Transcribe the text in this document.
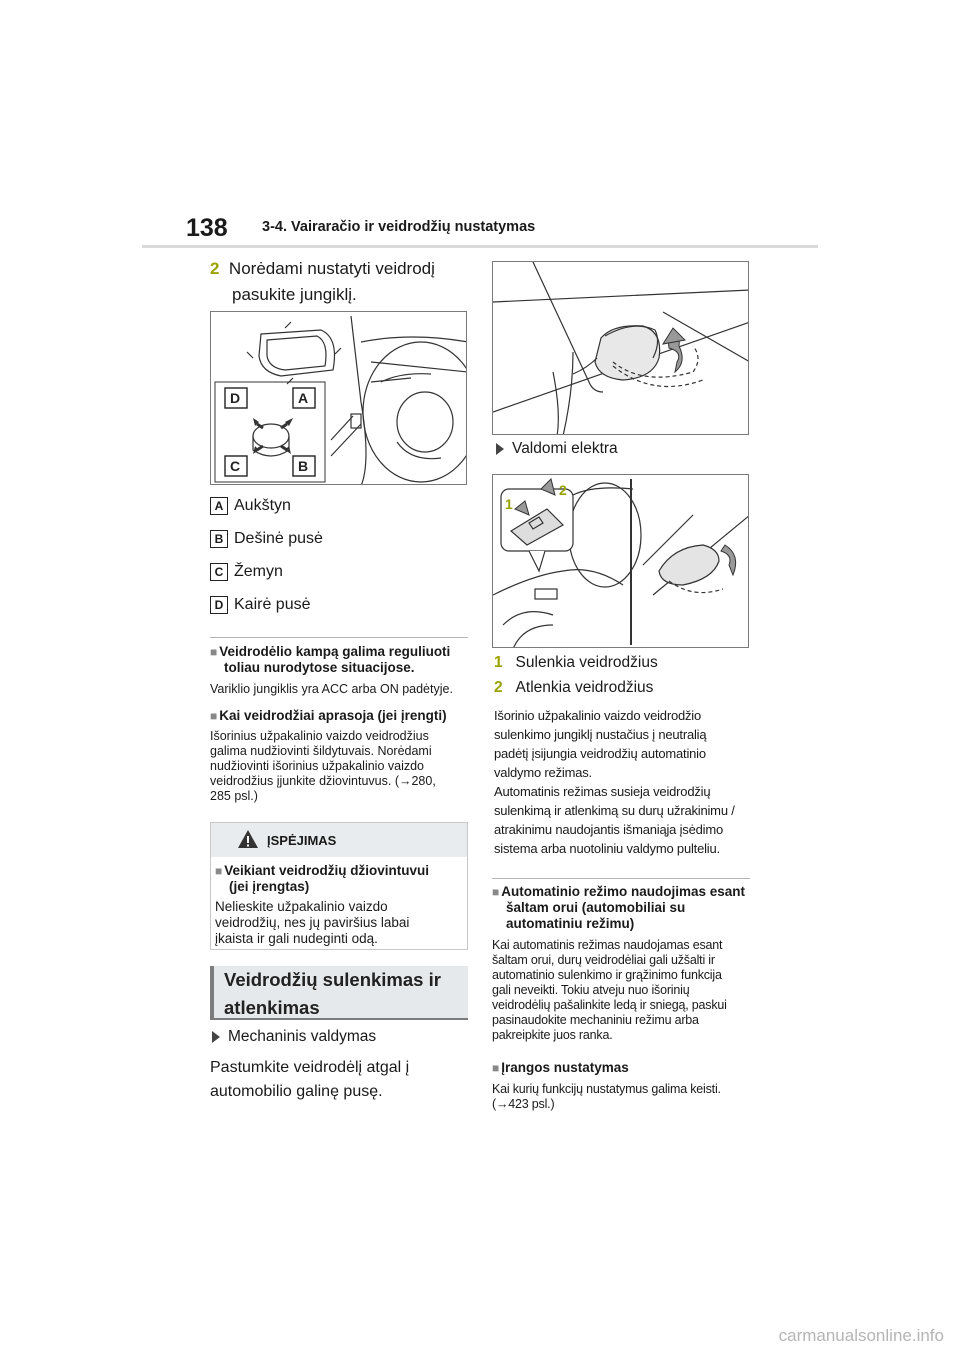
138 3-4. Vairaračio ir veidrodžių nustatymas
2 Norėdami nustatyti veidrodį
pasukite jungiklį.
D	A
C	B
A Aukštyn
B Dešinė pusė
C Žemyn
D Kairė pusė
■ Veidrodėlio kampą galima reguliuoti
toliau nurodytose situacijose.
Variklio jungiklis yra ACC arba ON padėtyje.
■ Kai veidrodžiai aprasoja (jei įrengti)
Išorinius užpakalinio vaizdo veidrodžius
galima nudžiovinti šildytuvais. Norėdami
nudžiovinti išorinius užpakalinio vaizdo
veidrodžius įjunkite džiovintuvus. (→280,
285 psl.)
ĮSPĖJIMAS
■ Veikiant veidrodžių džiovintuvui
(jei įrengtas)
Nelieskite užpakalinio vaizdo
veidrodžių, nes jų paviršius labai
įkaista ir gali nudeginti odą.
Veidrodžių sulenkimas ir
atlenkimas
Mechaninis valdymas
Pastumkite veidrodėlį atgal į
automobilio galinę pusę.
Valdomi elektra
1
2
1 Sulenkia veidrodžius
2 Atlenkia veidrodžius
Išorinio užpakalinio vaizdo veidrodžio
sulenkimo jungiklį nustačius į neutralią
padėtį įsijungia veidrodžių automatinio
valdymo režimas.
Automatinis režimas susieja veidrodžių
sulenkimą ir atlenkimą su durų užrakinimu /
atrakinimu naudojantis išmaniąja įsėdimo
sistema arba nuotoliniu valdymo pulteliu.
■ Automatinio režimo naudojimas esant
šaltam orui (automobiliai su
automatiniu režimu)
Kai automatinis režimas naudojamas esant
šaltam orui, durų veidrodėliai gali užšalti ir
automatinio sulenkimo ir grąžinimo funkcija
gali neveikti. Tokiu atveju nuo išorinių
veidrodėlių pašalinkite ledą ir sniegą, paskui
pasinaudokite mechaniniu režimu arba
pakreipkite juos ranka.
■ Įrangos nustatymas
Kai kurių funkcijų nustatymus galima keisti.
(→423 psl.)
carmanualsonline.info
